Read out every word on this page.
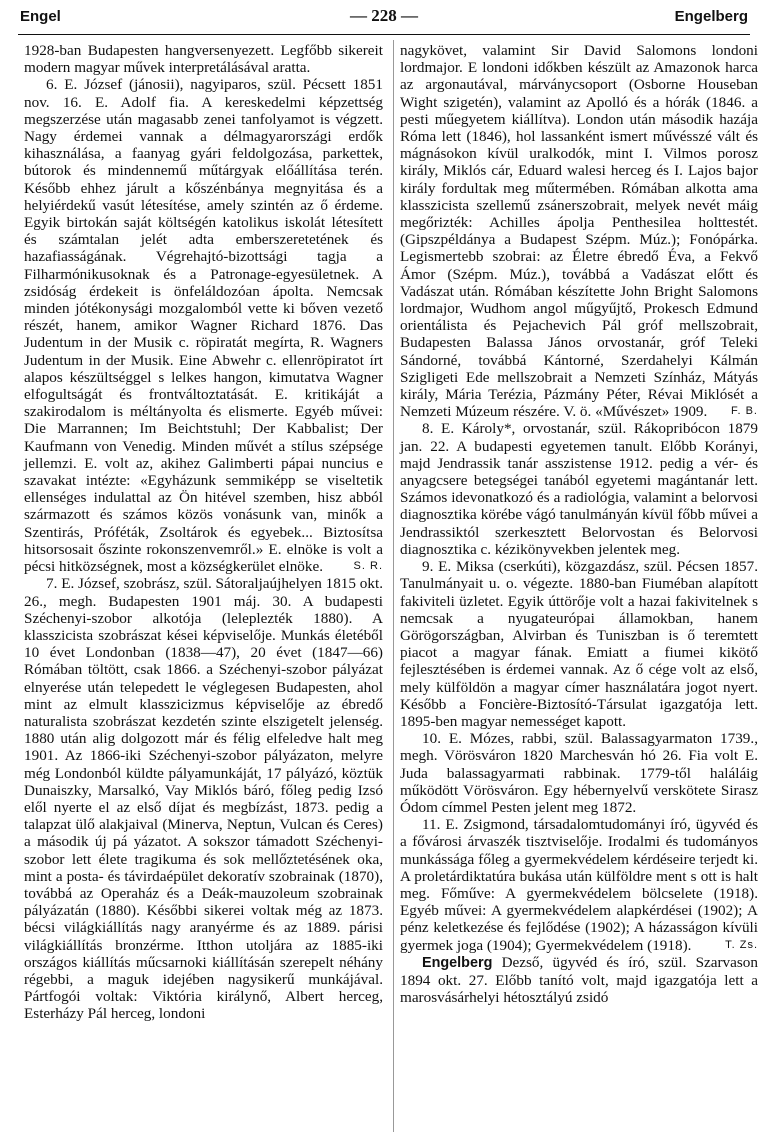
Engel	— 228 —	Engelberg

1928-ban Budapesten hangversenyezett. Legfőbb sikereit modern magyar művek interpretálásával aratta.

6. E. József (jánosii), nagyiparos, szül. Pécsett 1851 nov. 16. E. Adolf fia. A kereskedelmi képzettség megszerzése után magasabb zenei tanfolyamot is végzett. Nagy érdemei vannak a délmagyarországi erdők kihasználása, a faanyag gyári feldolgozása, parkettek, bútorok és mindennemű műtárgyak előállítása terén. Később ehhez járult a kőszénbánya megnyitása és a helyiérdekű vasút létesítése, amely szintén az ő érdeme. Egyik birtokán saját költségén katolikus iskolát létesített és számtalan jelét adta emberszeretetének és hazafiasságának. Végrehajtó-bizottsági tagja a Filharmónikusoknak és a Patronage-egyesületnek. A zsidóság érdekeit is önfeláldozóan ápolta. Nemcsak minden jótékonysági mozgalomból vette ki bőven vezető részét, hanem, amikor Wagner Richard 1876. Das Judentum in der Musik c. röpiratát megírta, R. Wagners Judentum in der Musik. Eine Abwehr c. ellenröpiratot írt alapos készültséggel s lelkes hangon, kimutatva Wagner elfogultságát és frontváltoztatását. E. kritikáját a szakirodalom is méltányolta és elismerte. Egyéb művei: Die Marrannen; Im Beichtstuhl; Der Kabbalist; Der Kaufmann von Venedig. Minden művét a stílus szépsége jellemzi. E. volt az, akihez Galimberti pápai nuncius e szavakat intézte: «Egyházunk semmiképp se viseltetik ellenséges indulattal az Ön hitével szemben, hisz abból származott és számos közös vonásunk van, minők a Szentirás, Próféták, Zsoltárok és egyebek... Biztosítsa hitsorsosait őszinte rokonszenvemről.» E. elnöke is volt a pécsi hitközségnek, most a községkerület elnöke.	S. R.

7. E. József, szobrász, szül. Sátoraljaújhelyen 1815 okt. 26., megh. Budapesten 1901 máj. 30. A budapesti Széchenyi-szobor alkotója (leleplezték 1880). A klasszicista szobrászat kései képviselője. Munkás életéből 10 évet Londonban (1838—47), 20 évet (1847—66) Rómában töltött, csak 1866. a Széchenyi-szobor pályázat elnyerése után telepedett le véglegesen Budapesten, ahol mint az elmult klasszicizmus képviselője az ébredő naturalista szobrászat kezdetén szinte elszigetelt jelenség. 1880 után alig dolgozott már és félig elfeledve halt meg 1901. Az 1866-iki Széchenyi-szobor pályázaton, melyre még Londonból küldte pályamunkáját, 17 pályázó, köztük Dunaiszky, Marsalkó, Vay Miklós báró, főleg pedig Izsó elől nyerte el az első díjat és megbízást, 1873. pedig a talapzat ülő alakjaival (Minerva, Neptun, Vulcan és Ceres) a második új pá yázatot. A sokszor támadott Széchenyi-szobor lett élete tragikuma és sok mellőztetésének oka, mint a posta- és távirdaépület dekoratív szobrainak (1870), továbbá az Operaház és a Deák-mauzoleum szobrainak pályázatán (1880). Későbbi sikerei voltak még az 1873. bécsi világkiállítás nagy aranyérme és az 1889. párisi világkiállítás bronzérme. Itthon utoljára az 1885-iki országos kiállítás műcsarnoki kiállításán szerepelt néhány régebbi, a maguk idejében nagysikerű munkájával. Pártfogói voltak: Viktória királynő, Albert herceg, Esterházy Pál herceg, londoni

nagykövet, valamint Sir David Salomons londoni lordmajor. E londoni időkben készült az Amazonok harca az argonautával, márványcsoport (Osborne Houseban Wight szigetén), valamint az Apolló és a hórák (1846. a pesti műegyetem kiállítva). London után második hazája Róma lett (1846), hol lassanként ismert művésszé vált és mágnásokon kívül uralkodók, mint I. Vilmos porosz király, Miklós cár, Eduard walesi herceg és I. Lajos bajor király fordultak meg műtermében. Rómában alkotta ama klasszicista szellemű zsánerszobrait, melyek nevét máig megőrizték: Achilles ápolja Penthesilea holttestét. (Gipszpéldánya a Budapest Szépm. Múz.); Fonópárka. Legismertebb szobrai: az Életre ébredő Éva, a Fekvő Ámor (Szépm. Múz.), továbbá a Vadászat előtt és Vadászat után. Rómában készítette John Bright Salomons lordmajor, Wudhom angol műgyűjtő, Prokesch Edmund orientálista és Pejachevich Pál gróf mellszobrait, Budapesten Balassa János orvostanár, gróf Teleki Sándorné, továbbá Kántorné, Szerdahelyi Kálmán Szigligeti Ede mellszobrait a Nemzeti Színház, Mátyás király, Mária Terézia, Pázmány Péter, Révai Miklósét a Nemzeti Múzeum részére. V. ö. «Művészet» 1909. F. B.

8. E. Károly*, orvostanár, szül. Rákopribócon 1879 jan. 22. A budapesti egyetemen tanult. Előbb Korányi, majd Jendrassik tanár asszistense 1912. pedig a vér- és anyagcsere betegségei tanából egyetemi magántanár lett. Számos idevonatkozó és a radiológia, valamint a belorvosi diagnosztika körébe vágó tanulmányán kívül főbb művei a Jendrassiktól szerkesztett Belorvostan és Belorvosi diagnosztika c. kézikönyvekben jelentek meg.

9. E. Miksa (cserkúti), közgazdász, szül. Pécsen 1857. Tanulmányait u. o. végezte. 1880-ban Fiuméban alapított fakiviteli üzletet. Egyik úttörője volt a hazai fakivitelnek s nemcsak a nyugateurópai államokban, hanem Görögországban, Alvirban és Tuniszban is ő teremtett piacot a magyar fának. Emiatt a fiumei kikötő fejlesztésében is érdemei vannak. Az ő cége volt az első, mely külföldön a magyar címer használatára jogot nyert. Később a Foncière-Biztosító-Társulat igazgatója lett. 1895-ben magyar nemességet kapott.

10. E. Mózes, rabbi, szül. Balassagyarmaton 1739., megh. Vörösváron 1820 Marchesván hó 26. Fia volt E. Juda balassagyarmati rabbinak. 1779-től haláláig működött Vörösváron. Egy hébernyelvű verskötete Sirasz Ódom címmel Pesten jelent meg 1872.

11. E. Zsigmond, társadalomtudományi író, ügyvéd és a fővárosi árvaszék tisztviselője. Irodalmi és tudományos munkássága főleg a gyermekvédelem kérdéseire terjedt ki. A proletárdiktatúra bukása után külföldre ment s ott is halt meg. Főműve: A gyermekvédelem bölcselete (1918). Egyéb művei: A gyermekvédelem alapkérdései (1902); A pénz keletkezése és fejlődése (1902); A házasságon kívüli gyermek joga (1904); Gyermekvédelem (1918).	T. Zs.

Engelberg Dezső, ügyvéd és író, szül. Szarvason 1894 okt. 27. Előbb tanító volt, majd igazgatója lett a marosvásárhelyi hétosztályú zsidó
